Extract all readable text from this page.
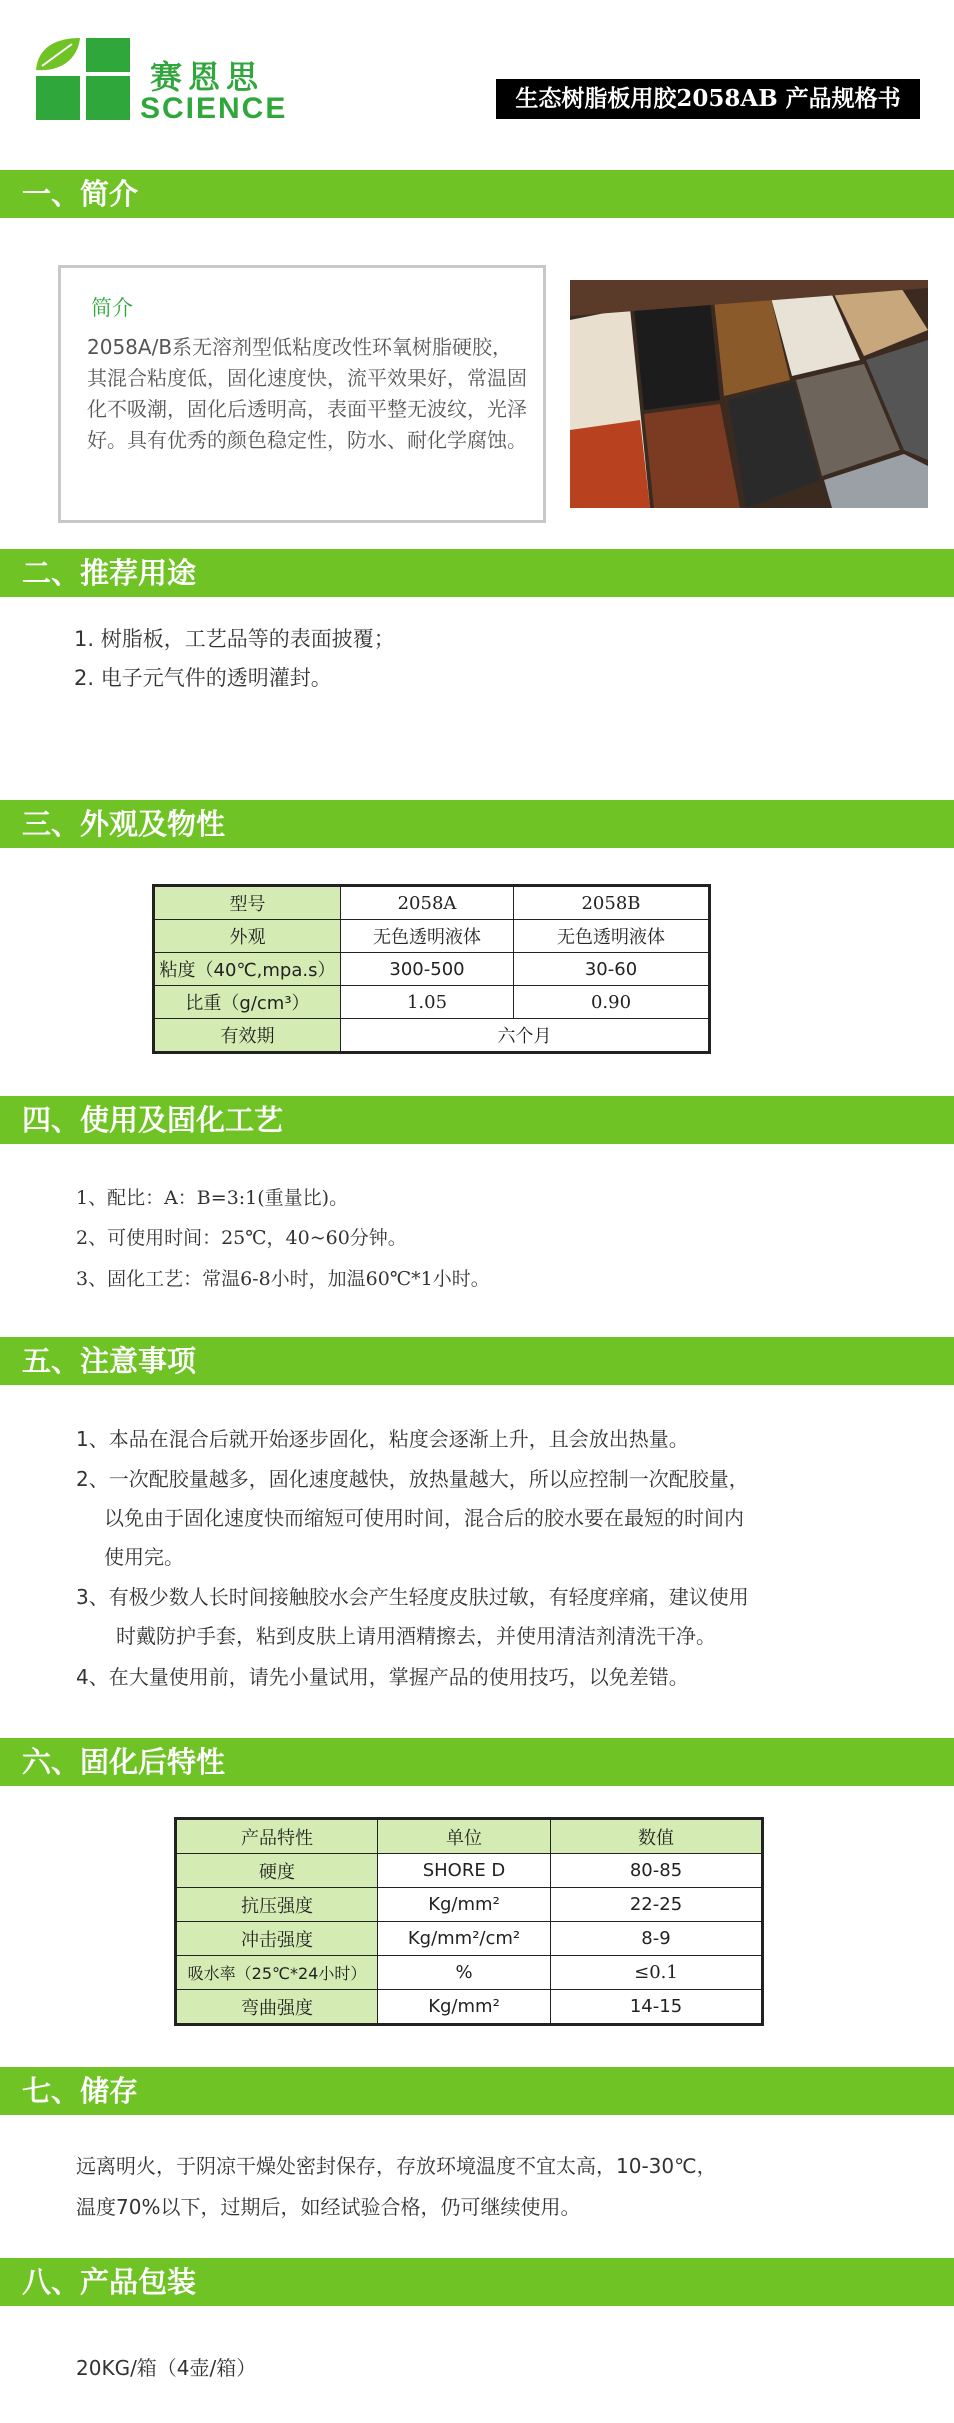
赛恩思
SCIENCE	生态树脂板用胶2058AB 产品规格书
一、简介
简介
2058A/B系无溶剂型低粘度改性环氧树脂硬胶，其混合粘度低，固化速度快，流平效果好，常温固化不吸潮，固化后透明高，表面平整无波纹，光泽好。具有优秀的颜色稳定性，防水、耐化学腐蚀。
二、推荐用途
1. 树脂板，工艺品等的表面披覆；
2. 电子元气件的透明灌封。
三、外观及物性
型号	2058A	2058B
外观	无色透明液体	无色透明液体
粘度（40℃,mpa.s）	300-500	30-60
比重（g/cm³）	1.05	0.90
有效期	六个月	
四、使用及固化工艺
1、配比：A：B=3:1(重量比)。
2、可使用时间：25℃，40~60分钟。
3、固化工艺：常温6-8小时，加温60℃*1小时。
五、注意事项
1、本品在混合后就开始逐步固化，粘度会逐渐上升，且会放出热量。
2、一次配胶量越多，固化速度越快，放热量越大，所以应控制一次配胶量，
以免由于固化速度快而缩短可使用时间，混合后的胶水要在最短的时间内
使用完。
3、有极少数人长时间接触胶水会产生轻度皮肤过敏，有轻度痒痛，建议使用
时戴防护手套，粘到皮肤上请用酒精擦去，并使用清洁剂清洗干净。
4、在大量使用前，请先小量试用，掌握产品的使用技巧，以免差错。
六、固化后特性
产品特性	单位	数值
硬度	SHORE D	80-85
抗压强度	Kg/mm²	22-25
冲击强度	Kg/mm²/cm²	8-9
吸水率（25℃*24小时）	%	≤0.1
弯曲强度	Kg/mm²	14-15
七、储存
远离明火，于阴凉干燥处密封保存，存放环境温度不宜太高，10-30℃，
温度70%以下，过期后，如经试验合格，仍可继续使用。
八、产品包装
20KG/箱（4壶/箱）
